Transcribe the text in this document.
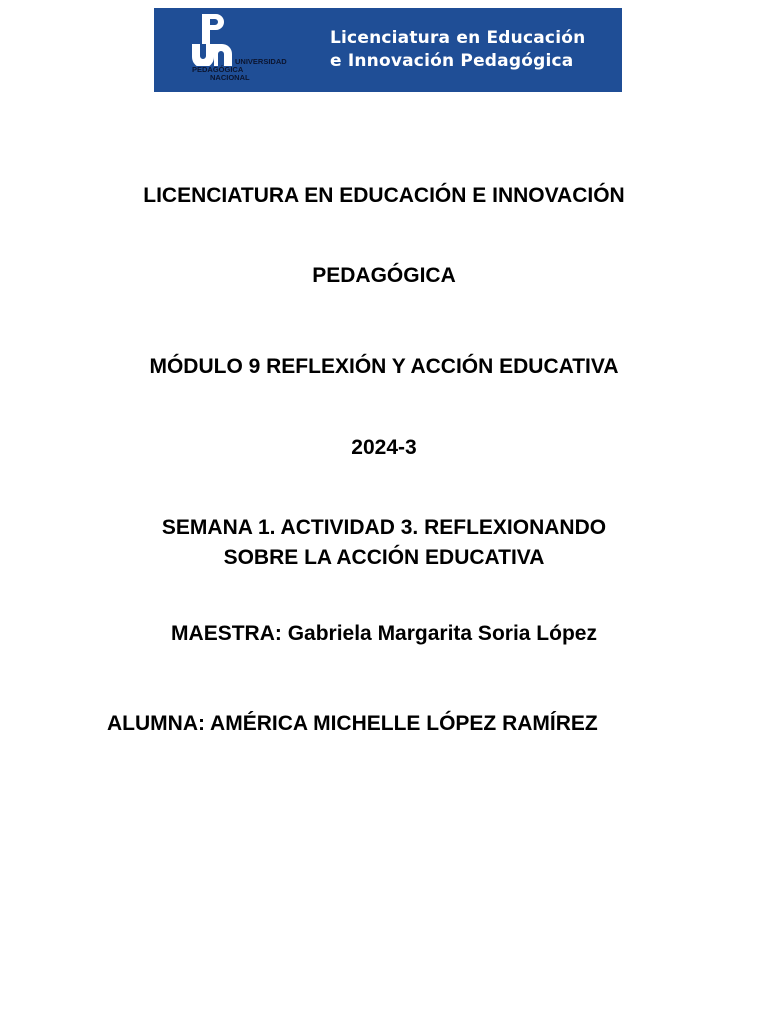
UNIVERSIDAD
PEDAGÓGICA
NACIONAL
Licenciatura en Educación
e Innovación Pedagógica
LICENCIATURA EN EDUCACIÓN E INNOVACIÓN
PEDAGÓGICA
MÓDULO 9 REFLEXIÓN Y ACCIÓN EDUCATIVA
2024-3
SEMANA 1. ACTIVIDAD 3. REFLEXIONANDO
SOBRE LA ACCIÓN EDUCATIVA
MAESTRA: Gabriela Margarita Soria López
ALUMNA: AMÉRICA MICHELLE LÓPEZ RAMÍREZ
